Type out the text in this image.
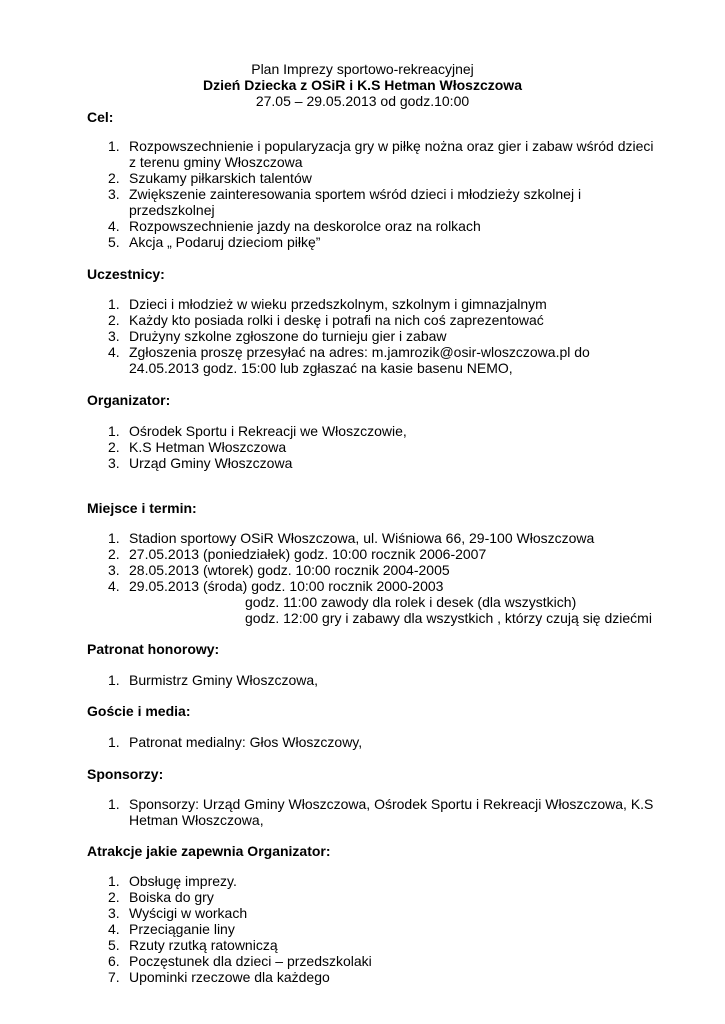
Plan Imprezy sportowo-rekreacyjnej
Dzień Dziecka z OSiR i K.S Hetman Włoszczowa
27.05 – 29.05.2013 od godz.10:00
Cel:
1. Rozpowszechnienie i popularyzacja gry w piłkę nożna oraz gier i zabaw wśród dzieci
z terenu gminy Włoszczowa
2. Szukamy piłkarskich talentów
3. Zwiększenie zainteresowania sportem wśród dzieci i młodzieży szkolnej i
przedszkolnej
4. Rozpowszechnienie jazdy na deskorolce oraz na rolkach
5. Akcja „ Podaruj dzieciom piłkę”
Uczestnicy:
1. Dzieci i młodzież w wieku przedszkolnym, szkolnym i gimnazjalnym
2. Każdy kto posiada rolki i deskę i potrafi na nich coś zaprezentować
3. Drużyny szkolne zgłoszone do turnieju gier i zabaw
4. Zgłoszenia proszę przesyłać na adres: m.jamrozik@osir-wloszczowa.pl do
24.05.2013 godz. 15:00 lub zgłaszać na kasie basenu NEMO,
Organizator:
1. Ośrodek Sportu i Rekreacji we Włoszczowie,
2. K.S Hetman Włoszczowa
3. Urząd Gminy Włoszczowa
Miejsce i termin:
1. Stadion sportowy OSiR Włoszczowa, ul. Wiśniowa 66, 29-100 Włoszczowa
2. 27.05.2013 (poniedziałek) godz. 10:00 rocznik 2006-2007
3. 28.05.2013 (wtorek) godz. 10:00 rocznik 2004-2005
4. 29.05.2013 (środa) godz. 10:00 rocznik 2000-2003
godz. 11:00 zawody dla rolek i desek (dla wszystkich)
godz. 12:00 gry i zabawy dla wszystkich , którzy czują się dziećmi
Patronat honorowy:
1. Burmistrz Gminy Włoszczowa,
Goście i media:
1. Patronat medialny: Głos Włoszczowy,
Sponsorzy:
1. Sponsorzy: Urząd Gminy Włoszczowa, Ośrodek Sportu i Rekreacji Włoszczowa, K.S
Hetman Włoszczowa,
Atrakcje jakie zapewnia Organizator:
1. Obsługę imprezy.
2. Boiska do gry
3. Wyścigi w workach
4. Przeciąganie liny
5. Rzuty rzutką ratowniczą
6. Poczęstunek dla dzieci – przedszkolaki
7. Upominki rzeczowe dla każdego
